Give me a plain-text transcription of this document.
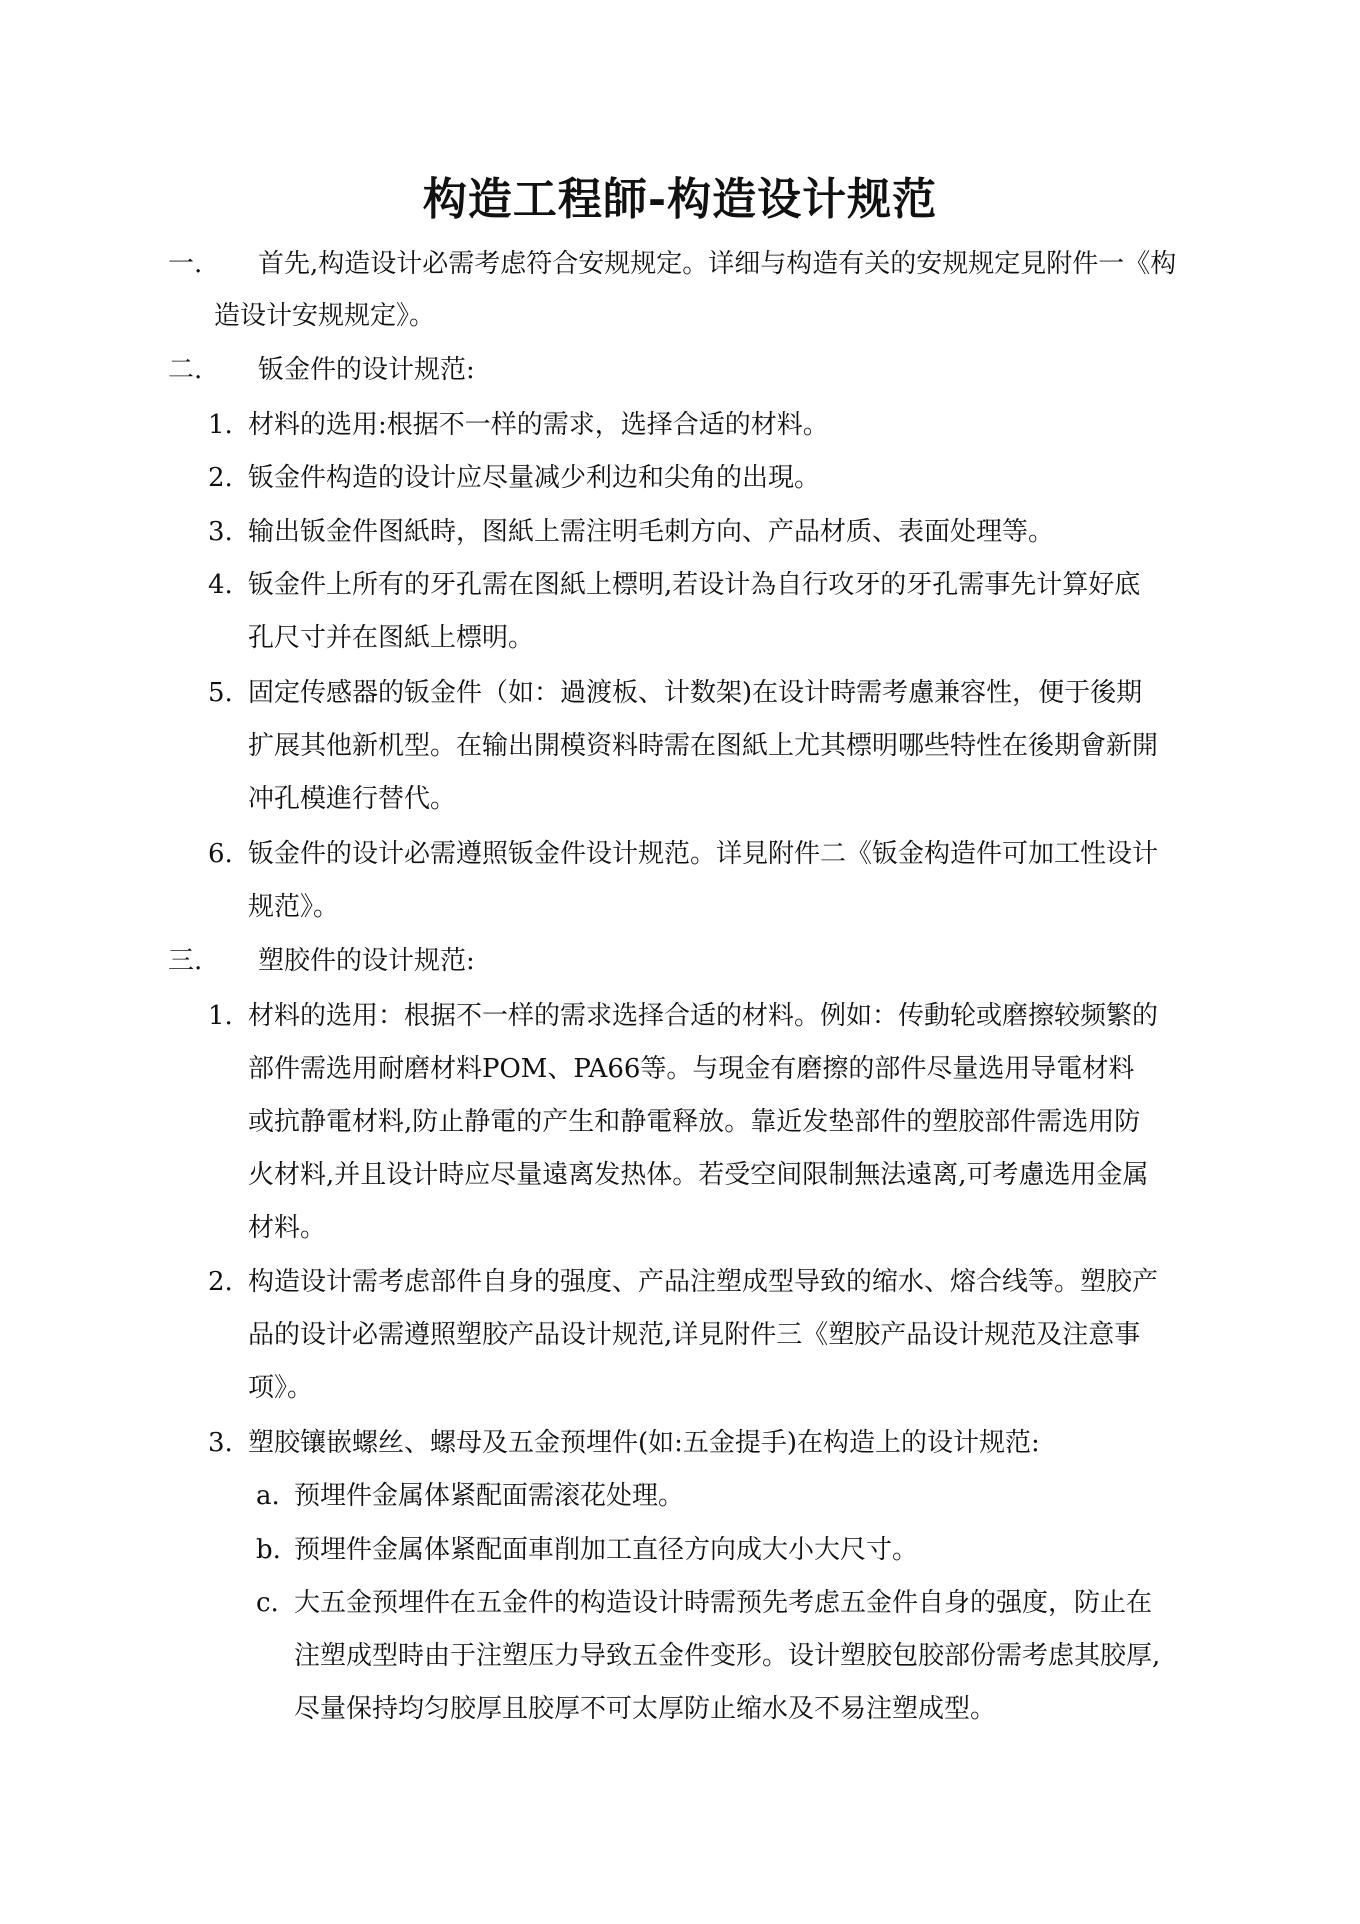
构造工程師-构造设计规范
一. 首先,构造设计必需考虑符合安规规定。详细与构造有关的安规规定見附件一《构
造设计安规规定》。
二. 钣金件的设计规范:
1. 材料的选用:根据不一样的需求，选择合适的材料。
2. 钣金件构造的设计应尽量减少利边和尖角的出現。
3. 输出钣金件图紙時，图紙上需注明毛刺方向、产品材质、表面处理等。
4. 钣金件上所有的牙孔需在图紙上標明,若设计為自行攻牙的牙孔需事先计算好底
孔尺寸并在图紙上標明。
5. 固定传感器的钣金件（如：過渡板、计数架)在设计時需考慮兼容性，便于後期
扩展其他新机型。在输出開模资料時需在图紙上尤其標明哪些特性在後期會新開
冲孔模進行替代。
6. 钣金件的设计必需遵照钣金件设计规范。详見附件二《钣金构造件可加工性设计
规范》。
三. 塑胶件的设计规范:
1. 材料的选用：根据不一样的需求选择合适的材料。例如：传動轮或磨擦较频繁的
部件需选用耐磨材料POM、PA66等。与現金有磨擦的部件尽量选用导電材料
或抗静電材料,防止静電的产生和静電释放。靠近发垫部件的塑胶部件需选用防
火材料,并且设计時应尽量遠离发热体。若受空间限制無法遠离,可考慮选用金属
材料。
2. 构造设计需考虑部件自身的强度、产品注塑成型导致的缩水、熔合线等。塑胶产
品的设计必需遵照塑胶产品设计规范,详見附件三《塑胶产品设计规范及注意事
项》。
3. 塑胶镶嵌螺丝、螺母及五金预埋件(如:五金提手)在构造上的设计规范:
a. 预埋件金属体紧配面需滚花处理。
b. 预埋件金属体紧配面車削加工直径方向成大小大尺寸。
c. 大五金预埋件在五金件的构造设计時需预先考虑五金件自身的强度，防止在
注塑成型時由于注塑压力导致五金件变形。设计塑胶包胶部份需考虑其胶厚,
尽量保持均匀胶厚且胶厚不可太厚防止缩水及不易注塑成型。
